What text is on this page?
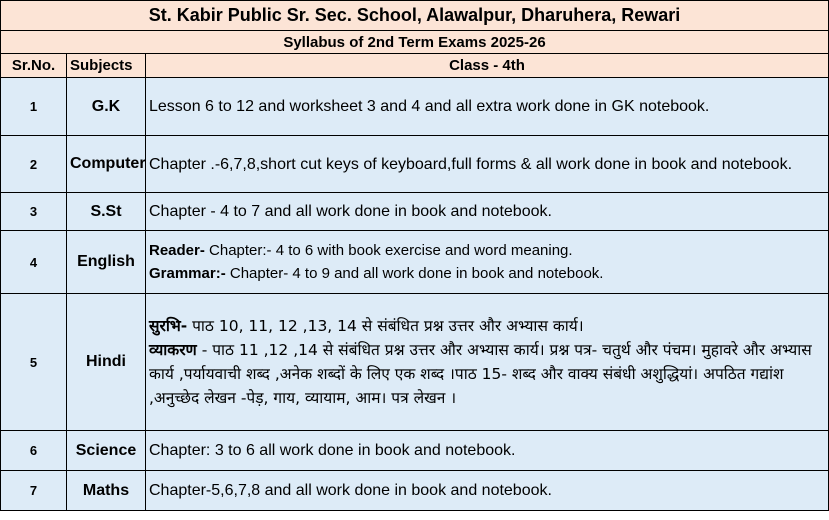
St. Kabir Public Sr. Sec. School, Alawalpur, Dharuhera, Rewari		
Syllabus of 2nd Term Exams 2025-26		
Sr.No.	Subjects	Class - 4th
1	G.K	Lesson 6 to 12 and worksheet 3 and 4 and all extra work done in GK notebook.
2	Computer	Chapter .-6,7,8,short cut keys of keyboard,full forms & all work done in book and notebook.
3	S.St	Chapter - 4 to 7 and all work done in book and notebook.
4	English	Reader- Chapter:- 4 to 6 with book exercise and word meaning.
Grammar:- Chapter- 4 to 9 and all work done in book and notebook.

5	Hindi	सुरभि- पाठ 10, 11, 12 ,13, 14 से संबंधित प्रश्न उत्तर और अभ्यास कार्य।
व्याकरण - पाठ 11 ,12 ,14 से संबंधित प्रश्न उत्तर और अभ्यास कार्य। प्रश्न पत्र- चतुर्थ और पंचम। मुहावरे और अभ्यास कार्य ,पर्यायवाची शब्द ,अनेक शब्दों के लिए एक शब्द ।पाठ 15- शब्द और वाक्य संबंधी अशुद्धियां। अपठित गद्यांश ,अनुच्छेद लेखन -पेड़, गाय, व्यायाम, आम। पत्र लेखन ।

6	Science	Chapter: 3 to 6 all work done in book and notebook.
7	Maths	Chapter-5,6,7,8 and all work done in book and notebook.
